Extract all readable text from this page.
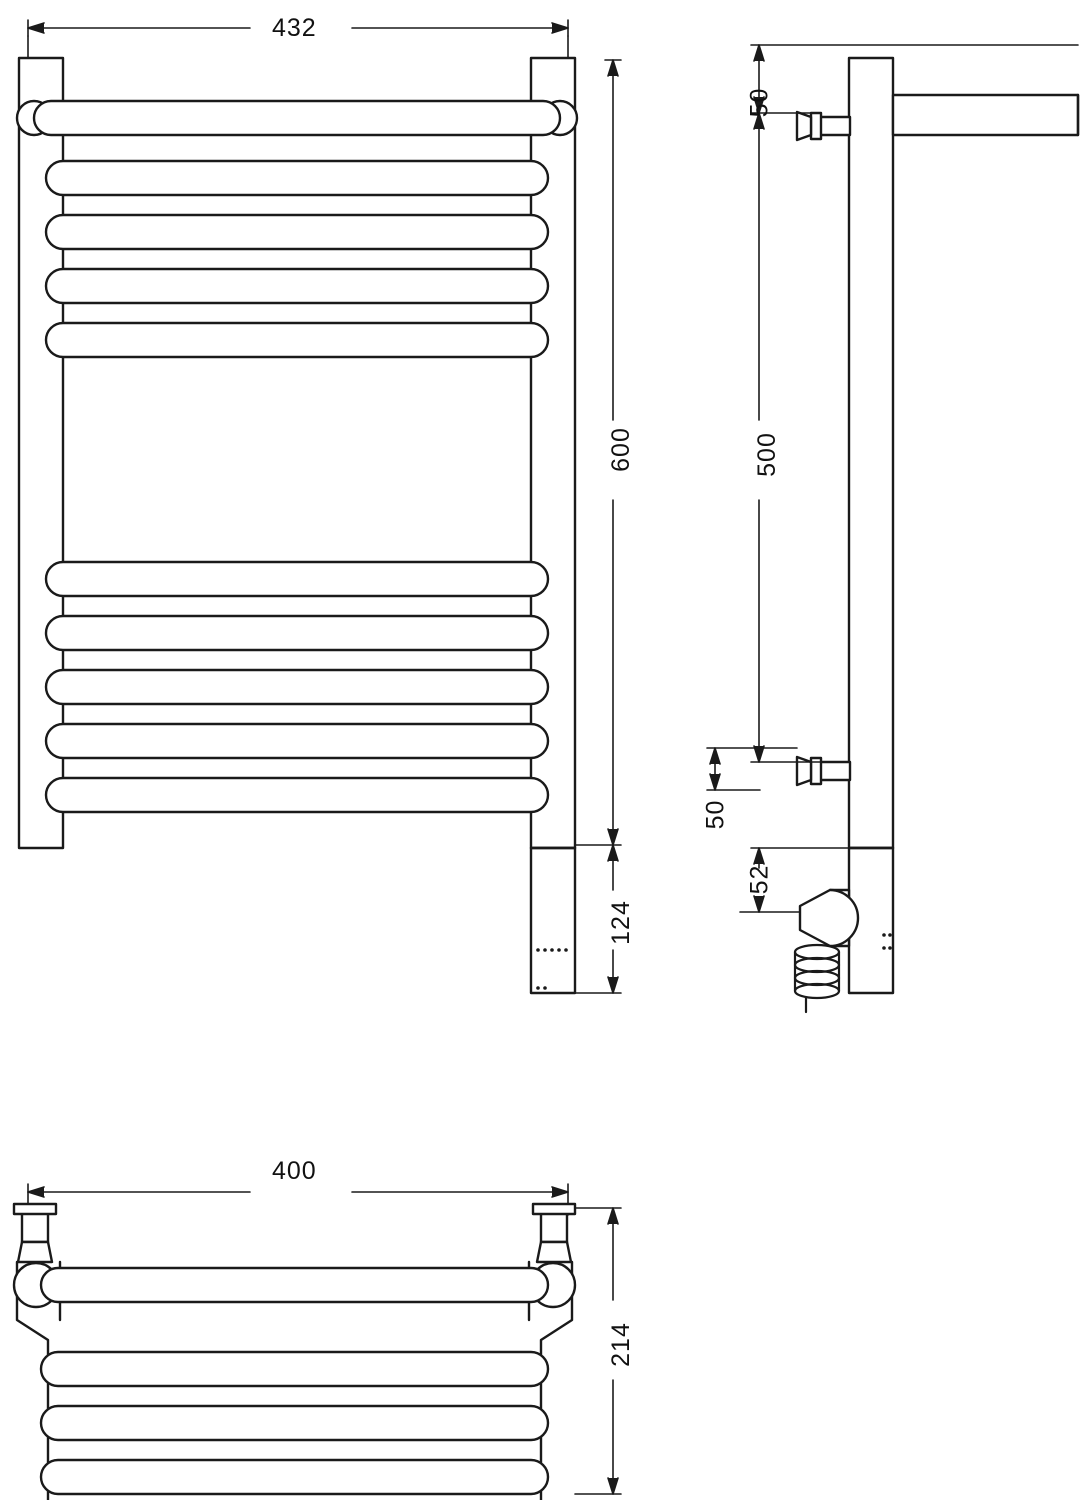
432
600
124
50
500
50
52
400
214
